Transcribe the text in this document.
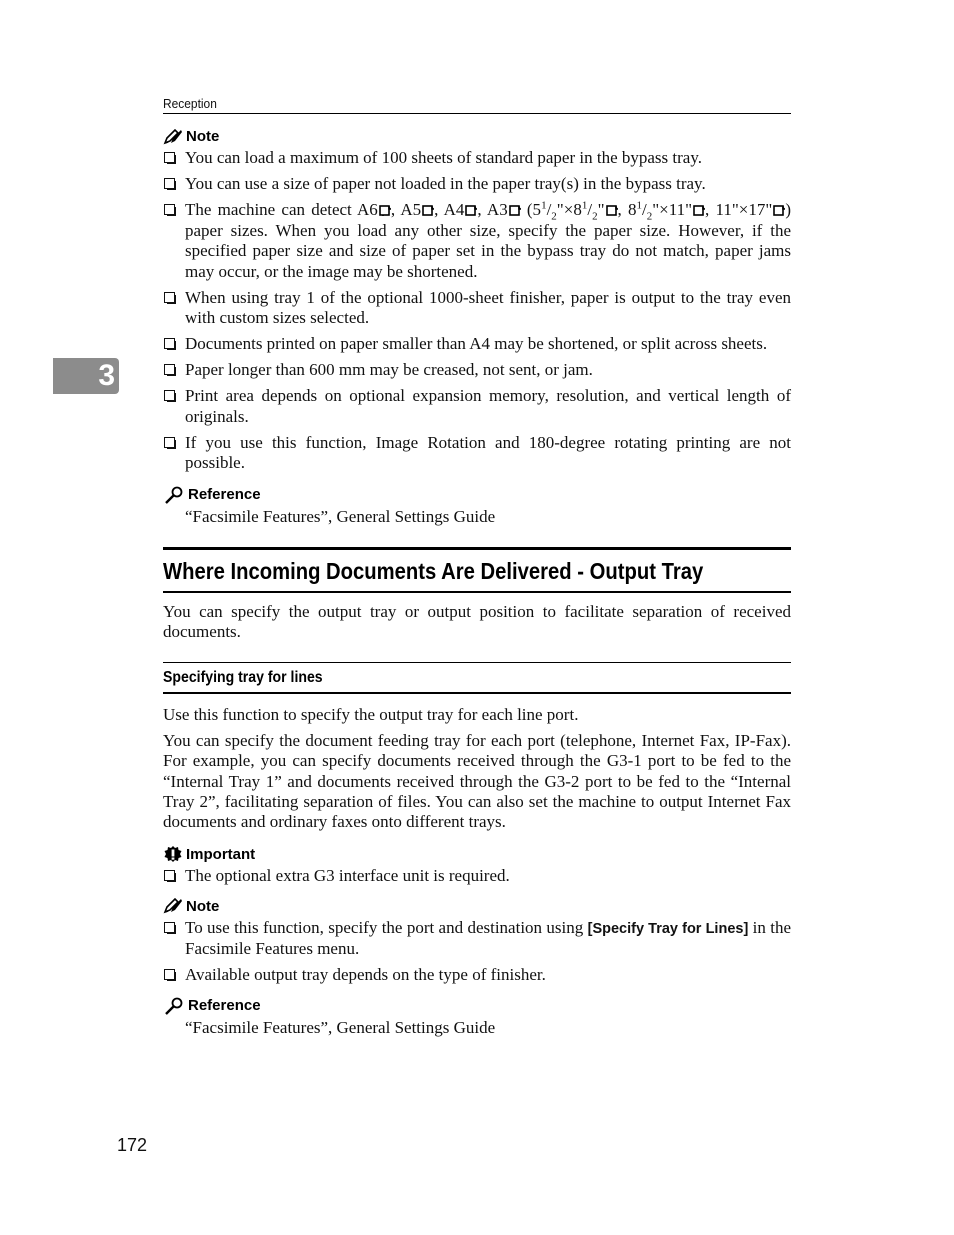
3
Reception
Note
You can load a maximum of 100 sheets of standard paper in the bypass tray.
You can use a size of paper not loaded in the paper tray(s) in the bypass tray.
The machine can detect A6 , A5 , A4 , A3 ($5^1/_2"\times 8^1/_2$" , $8^1/_2"\times 11$" , 11"×17" ) paper sizes. When you load any other size, specify the paper size. However, if the specified paper size and size of paper set in the bypass tray do not match, paper jams may occur, or the image may be shortened.
When using tray 1 of the optional 1000-sheet finisher, paper is output to the tray even with custom sizes selected.
Documents printed on paper smaller than A4 may be shortened, or split across sheets.
Paper longer than 600 mm may be creased, not sent, or jam.
Print area depends on optional expansion memory, resolution, and vertical length of originals.
If you use this function, Image Rotation and 180-degree rotating printing are not possible.
Reference
“Facsimile Features”, General Settings Guide
Where Incoming Documents Are Delivered - Output Tray
You can specify the output tray or output position to facilitate separation of received documents.
Specifying tray for lines
Use this function to specify the output tray for each line port.
You can specify the document feeding tray for each port (telephone, Internet Fax, IP-Fax). For example, you can specify documents received through the G3-1 port to be fed to the “Internal Tray 1” and documents received through the G3-2 port to be fed to the “Internal Tray 2”, facilitating separation of files. You can also set the machine to output Internet Fax documents and ordinary faxes onto different trays.
Important
The optional extra G3 interface unit is required.
Note
To use this function, specify the port and destination using [Specify Tray for Lines] in the Facsimile Features menu.
Available output tray depends on the type of finisher.
Reference
“Facsimile Features”, General Settings Guide
172
